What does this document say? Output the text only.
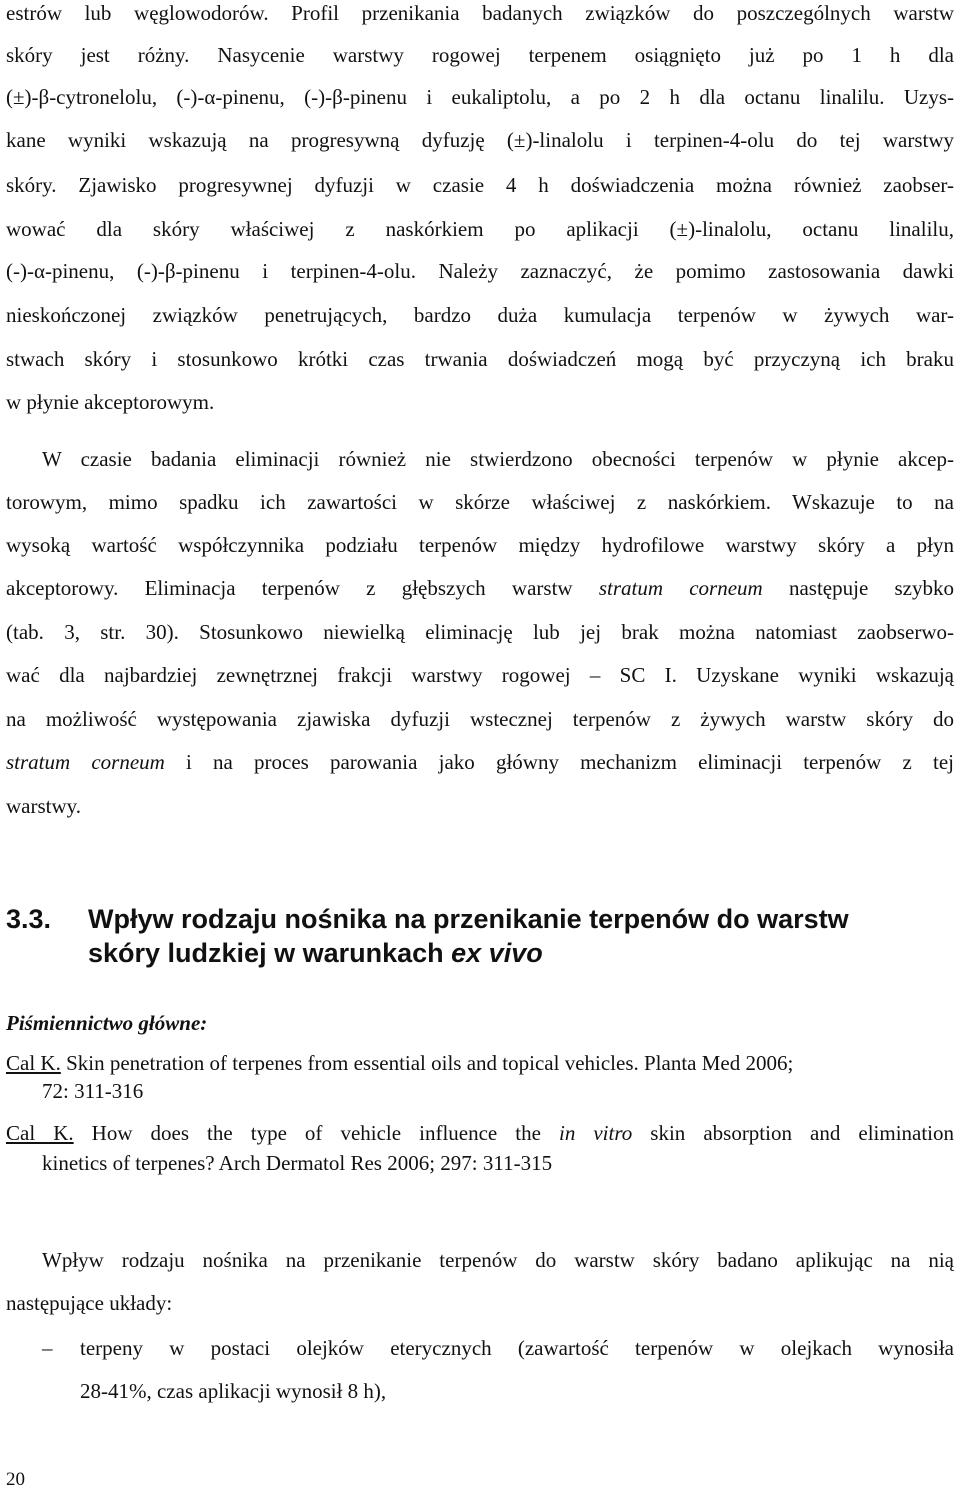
estrów lub węglowodorów. Profil przenikania badanych związków do poszczególnych warstw
skóry jest różny. Nasycenie warstwy rogowej terpenem osiągnięto już po 1 h dla
(±)-β-cytronelolu, (-)-α-pinenu, (-)-β-pinenu i eukaliptolu, a po 2 h dla octanu linalilu. Uzys-
kane wyniki wskazują na progresywną dyfuzję (±)-linalolu i terpinen-4-olu do tej warstwy
skóry. Zjawisko progresywnej dyfuzji w czasie 4 h doświadczenia można również zaobser-
wować dla skóry właściwej z naskórkiem po aplikacji (±)-linalolu, octanu linalilu,
(-)-α-pinenu, (-)-β-pinenu i terpinen-4-olu. Należy zaznaczyć, że pomimo zastosowania dawki
nieskończonej związków penetrujących, bardzo duża kumulacja terpenów w żywych war-
stwach skóry i stosunkowo krótki czas trwania doświadczeń mogą być przyczyną ich braku
w płynie akceptorowym.
W czasie badania eliminacji również nie stwierdzono obecności terpenów w płynie akcep-
torowym, mimo spadku ich zawartości w skórze właściwej z naskórkiem. Wskazuje to na
wysoką wartość współczynnika podziału terpenów między hydrofilowe warstwy skóry a płyn
akceptorowy. Eliminacja terpenów z głębszych warstw stratum corneum następuje szybko
(tab. 3, str. 30). Stosunkowo niewielką eliminację lub jej brak można natomiast zaobserwo-
wać dla najbardziej zewnętrznej frakcji warstwy rogowej – SC I. Uzyskane wyniki wskazują
na możliwość występowania zjawiska dyfuzji wstecznej terpenów z żywych warstw skóry do
stratum corneum i na proces parowania jako główny mechanizm eliminacji terpenów z tej
warstwy.
3.3. Wpływ rodzaju nośnika na przenikanie terpenów do warstw
skóry ludzkiej w warunkach ex vivo
Piśmiennictwo główne:
Cal K. Skin penetration of terpenes from essential oils and topical vehicles. Planta Med 2006;
72: 311-316
Cal K. How does the type of vehicle influence the in vitro skin absorption and elimination
kinetics of terpenes? Arch Dermatol Res 2006; 297: 311-315
Wpływ rodzaju nośnika na przenikanie terpenów do warstw skóry badano aplikując na nią
następujące układy:
– terpeny w postaci olejków eterycznych (zawartość terpenów w olejkach wynosiła
28-41%, czas aplikacji wynosił 8 h),
20
